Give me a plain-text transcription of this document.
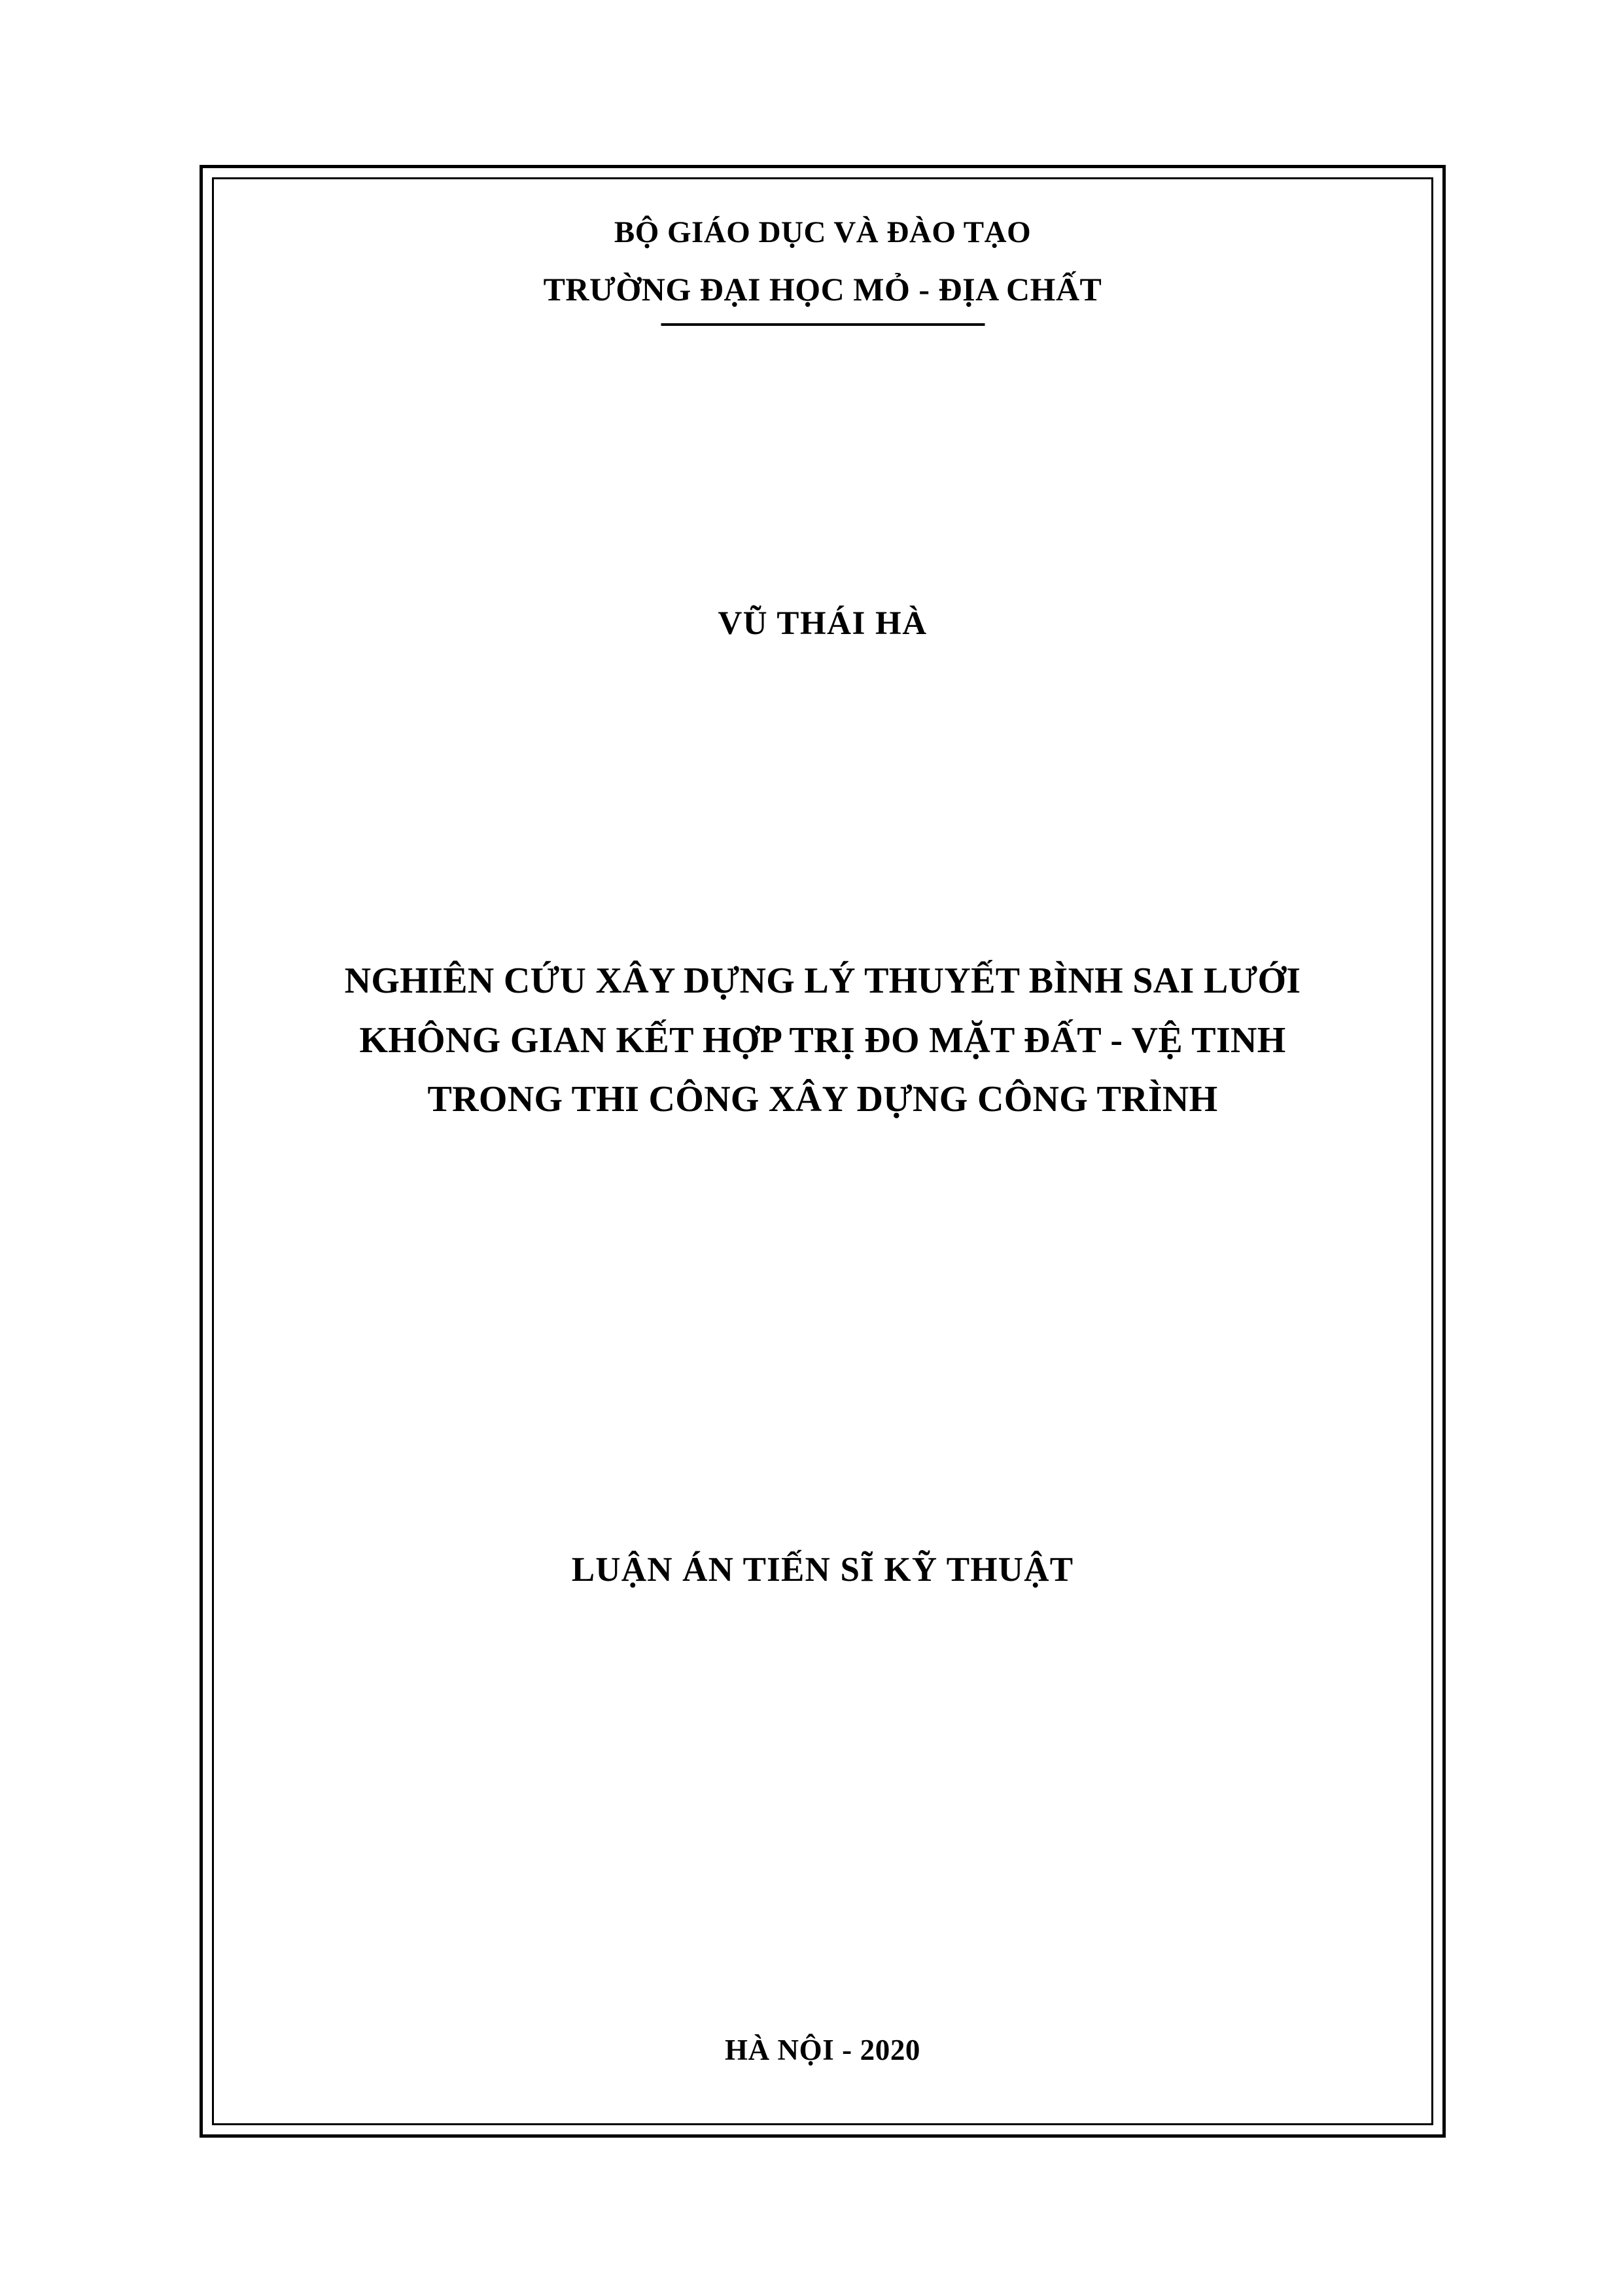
BỘ GIÁO DỤC VÀ ĐÀO TẠO
TRƯỜNG ĐẠI HỌC MỎ - ĐỊA CHẤT
VŨ THÁI HÀ
NGHIÊN CỨU XÂY DỰNG LÝ THUYẾT BÌNH SAI LƯỚI
KHÔNG GIAN KẾT HỢP TRỊ ĐO MẶT ĐẤT - VỆ TINH
TRONG THI CÔNG XÂY DỰNG CÔNG TRÌNH
LUẬN ÁN TIẾN SĨ KỸ THUẬT
HÀ NỘI - 2020
